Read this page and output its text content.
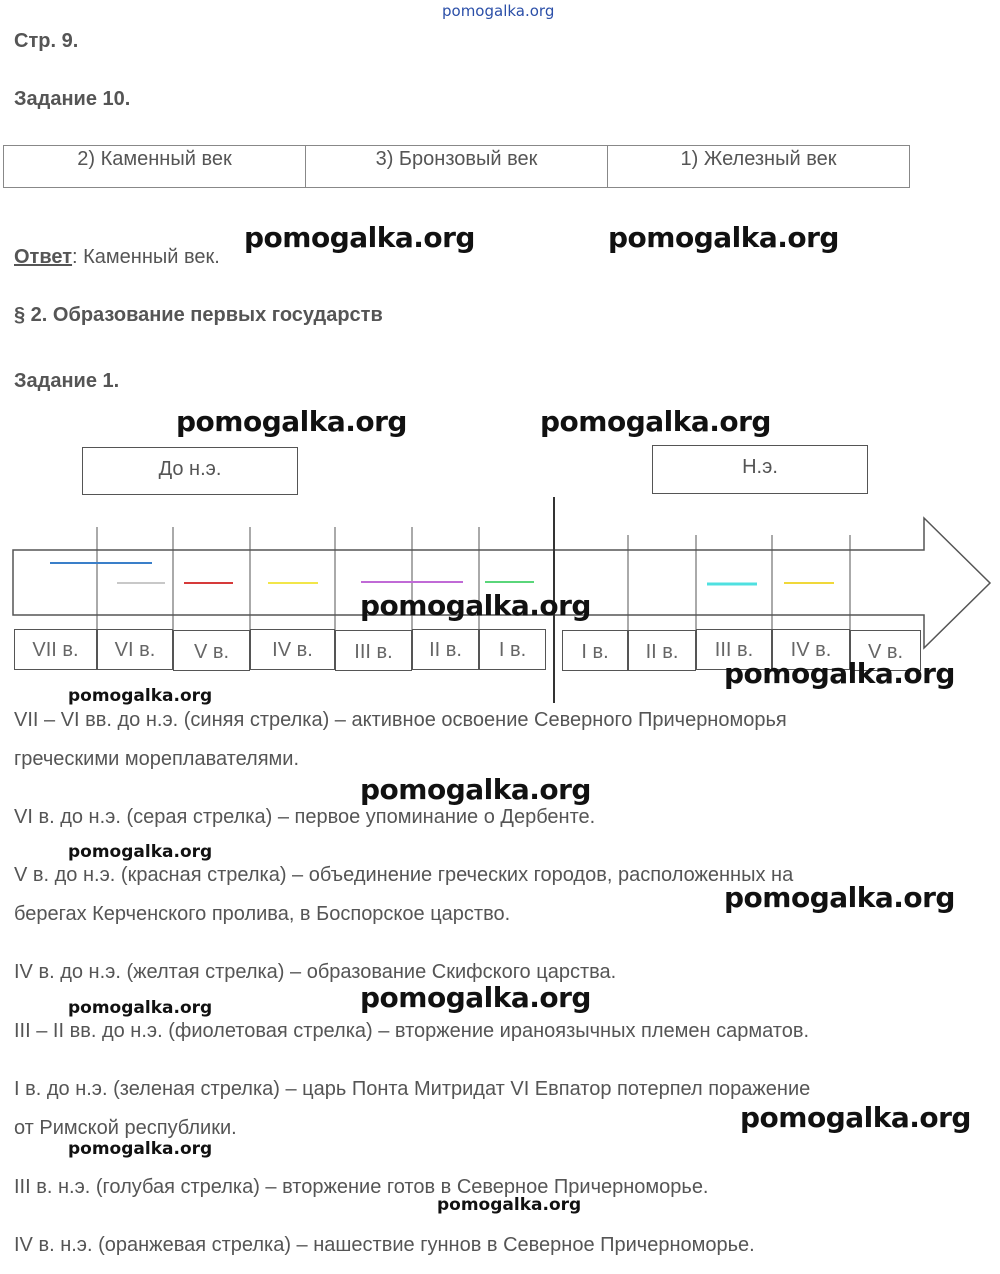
pomogalka.org
Стр. 9.
Задание 10.
2) Каменный век	3) Бронзовый век	1) Железный век
Ответ: Каменный век.
§ 2. Образование первых государств
Задание 1.
До н.э.	Н.э.
VII в.	VI в.	V в.	IV в.	III в.	II в.	I в.	I в.	II в.	III в.	IV в.	V в.
VII – VI вв. до н.э. (синяя стрелка) – активное освоение Северного Причерноморья
греческими мореплавателями.
VI в. до н.э. (серая стрелка) – первое упоминание о Дербенте.
V в. до н.э. (красная стрелка) – объединение греческих городов, расположенных на
берегах Керченского пролива, в Боспорское царство.
IV в. до н.э. (желтая стрелка) – образование Скифского царства.
III – II вв. до н.э. (фиолетовая стрелка) – вторжение ираноязычных племен сарматов.
I в. до н.э. (зеленая стрелка) – царь Понта Митридат VI Евпатор потерпел поражение
от Римской республики.
III в. н.э. (голубая стрелка) – вторжение готов в Северное Причерноморье.
IV в. н.э. (оранжевая стрелка) – нашествие гуннов в Северное Причерноморье.
pomogalka.org	pomogalka.org
pomogalka.org	pomogalka.org
pomogalka.org
pomogalka.org
pomogalka.org
pomogalka.org
pomogalka.org
pomogalka.org
pomogalka.org
pomogalka.org
pomogalka.org
pomogalka.org
pomogalka.org
